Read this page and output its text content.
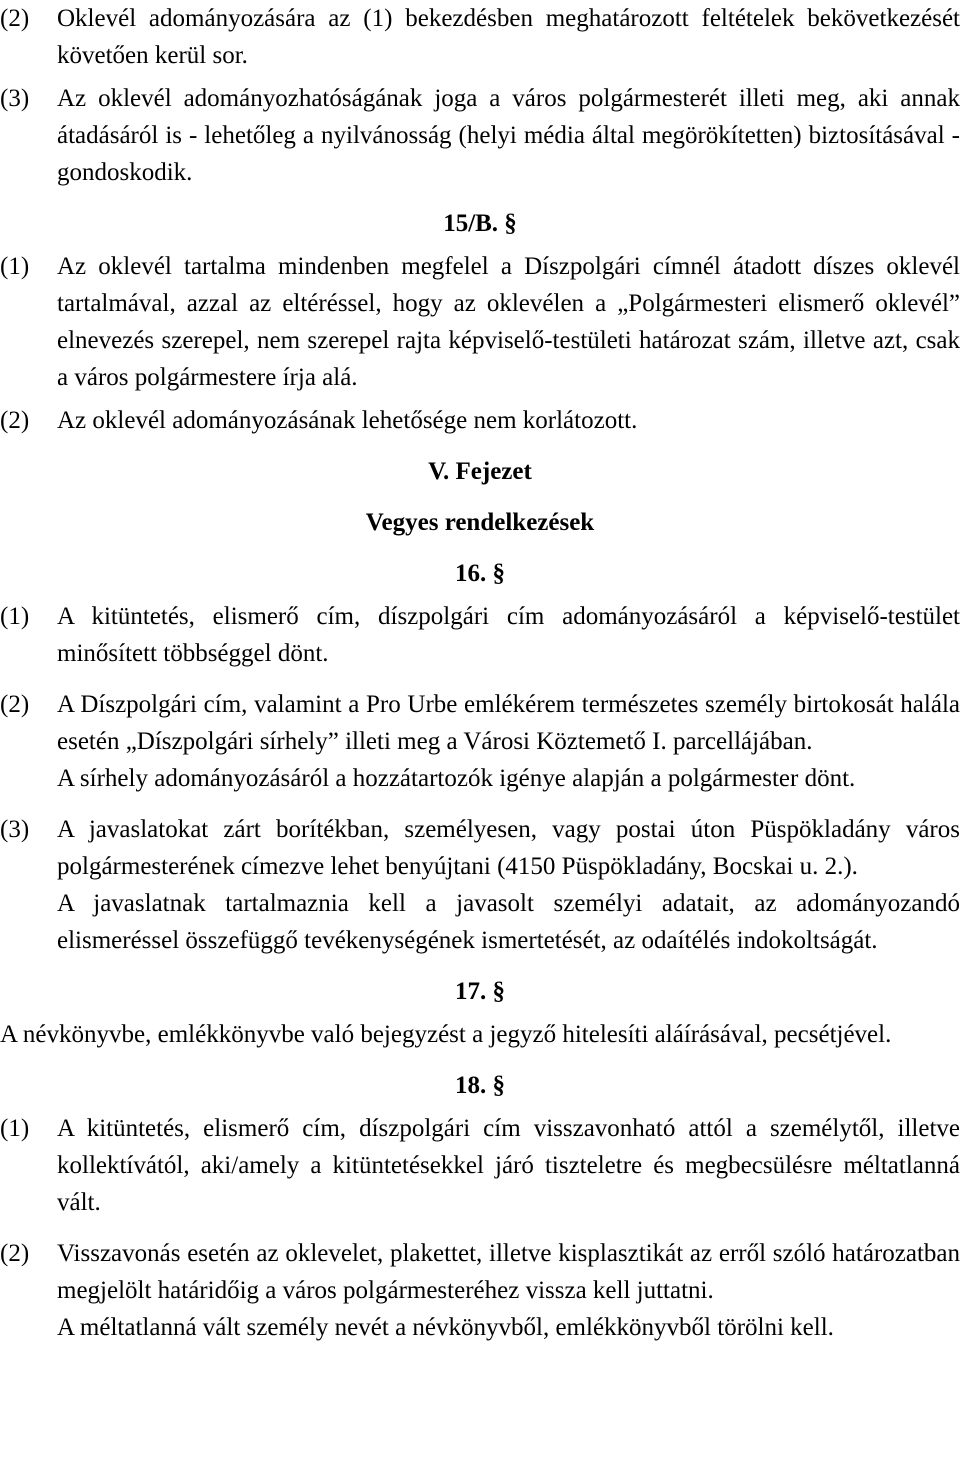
(2) Oklevél adományozására az (1) bekezdésben meghatározott feltételek bekövetkezését követően kerül sor.
(3) Az oklevél adományozhatóságának joga a város polgármesterét illeti meg, aki annak átadásáról is - lehetőleg a nyilvánosság (helyi média által megörökítetten) biztosításával - gondoskodik.
15/B. §
(1) Az oklevél tartalma mindenben megfelel a Díszpolgári címnél átadott díszes oklevél tartalmával, azzal az eltéréssel, hogy az oklevélen a „Polgármesteri elismerő oklevél” elnevezés szerepel, nem szerepel rajta képviselő-testületi határozat szám, illetve azt, csak a város polgármestere írja alá.
(2) Az oklevél adományozásának lehetősége nem korlátozott.
V. Fejezet
Vegyes rendelkezések
16. §
(1) A kitüntetés, elismerő cím, díszpolgári cím adományozásáról a képviselő-testület minősített többséggel dönt.
(2) A Díszpolgári cím, valamint a Pro Urbe emlékérem természetes személy birtokosát halála esetén „Díszpolgári sírhely” illeti meg a Városi Köztemető I. parcellájában.
A sírhely adományozásáról a hozzátartozók igénye alapján a polgármester dönt.
(3) A javaslatokat zárt borítékban, személyesen, vagy postai úton Püspökladány város polgármesterének címezve lehet benyújtani (4150 Püspökladány, Bocskai u. 2.).
A javaslatnak tartalmaznia kell a javasolt személyi adatait, az adományozandó elismeréssel összefüggő tevékenységének ismertetését, az odaítélés indokoltságát.
17. §
A névkönyvbe, emlékkönyvbe való bejegyzést a jegyző hitelesíti aláírásával, pecsétjével.
18. §
(1) A kitüntetés, elismerő cím, díszpolgári cím visszavonható attól a személytől, illetve kollektívától, aki/amely a kitüntetésekkel járó tiszteletre és megbecsülésre méltatlanná vált.
(2) Visszavonás esetén az oklevelet, plakettet, illetve kisplasztikát az erről szóló határozatban megjelölt határidőig a város polgármesteréhez vissza kell juttatni.
A méltatlanná vált személy nevét a névkönyvből, emlékkönyvből törölni kell.
